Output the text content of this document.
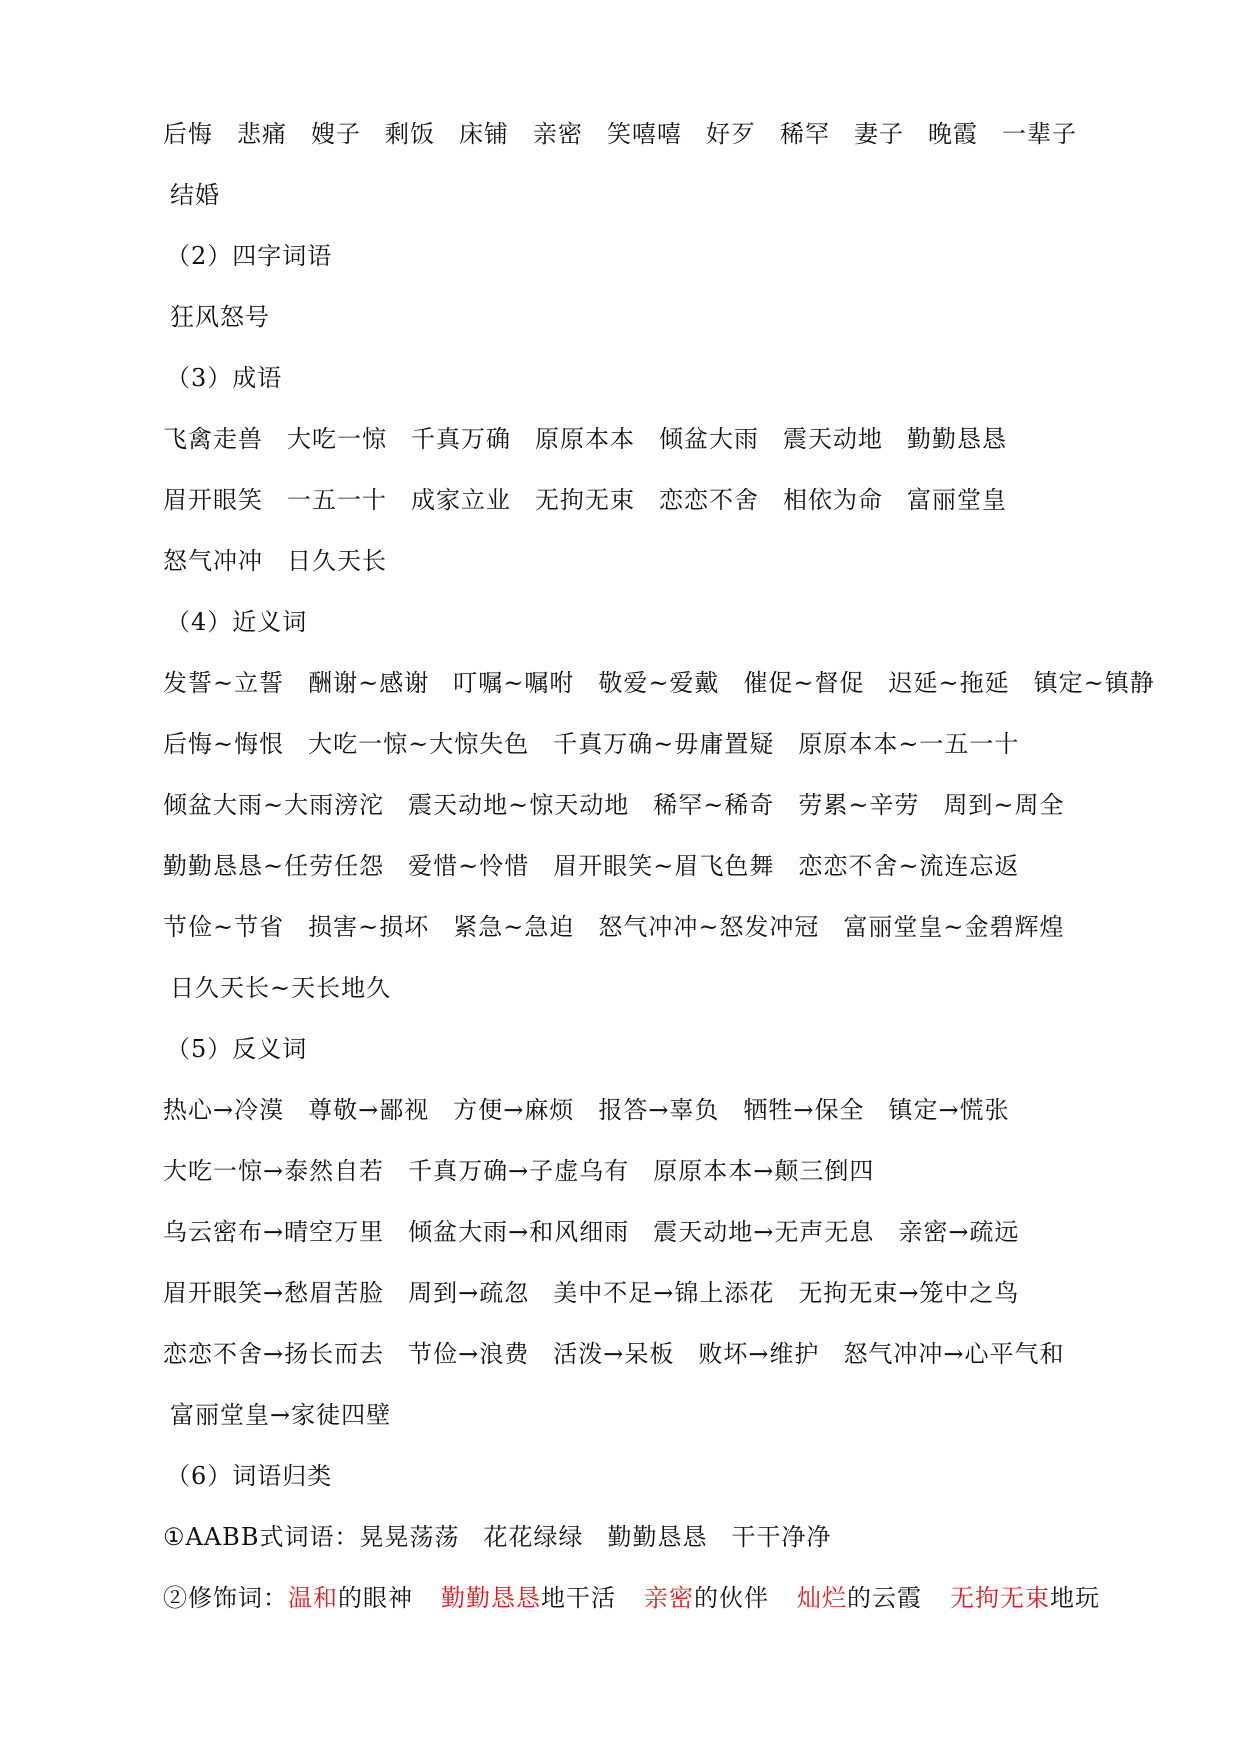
后悔 悲痛 嫂子 剩饭 床铺 亲密 笑嘻嘻 好歹 稀罕 妻子 晚霞 一辈子
结婚
（2）四字词语
狂风怒号
（3）成语
飞禽走兽 大吃一惊 千真万确 原原本本 倾盆大雨 震天动地 勤勤恳恳
眉开眼笑 一五一十 成家立业 无拘无束 恋恋不舍 相依为命 富丽堂皇
怒气冲冲 日久天长
（4）近义词
发誓~立誓 酬谢~感谢 叮嘱~嘱咐 敬爱~爱戴 催促~督促 迟延~拖延 镇定~镇静
后悔~悔恨 大吃一惊~大惊失色 千真万确~毋庸置疑 原原本本~一五一十
倾盆大雨~大雨滂沱 震天动地~惊天动地 稀罕~稀奇 劳累~辛劳 周到~周全
勤勤恳恳~任劳任怨 爱惜~怜惜 眉开眼笑~眉飞色舞 恋恋不舍~流连忘返
节俭~节省 损害~损坏 紧急~急迫 怒气冲冲~怒发冲冠 富丽堂皇~金碧辉煌
日久天长~天长地久
（5）反义词
热心→冷漠 尊敬→鄙视 方便→麻烦 报答→辜负 牺牲→保全 镇定→慌张
大吃一惊→泰然自若 千真万确→子虚乌有 原原本本→颠三倒四
乌云密布→晴空万里 倾盆大雨→和风细雨 震天动地→无声无息 亲密→疏远
眉开眼笑→愁眉苦脸 周到→疏忽 美中不足→锦上添花 无拘无束→笼中之鸟
恋恋不舍→扬长而去 节俭→浪费 活泼→呆板 败坏→维护 怒气冲冲→心平气和
富丽堂皇→家徒四壁
（6）词语归类
①AABB式词语：晃晃荡荡 花花绿绿 勤勤恳恳 干干净净
②修饰词：温和的眼神 勤勤恳恳地干活 亲密的伙伴 灿烂的云霞 无拘无束地玩
